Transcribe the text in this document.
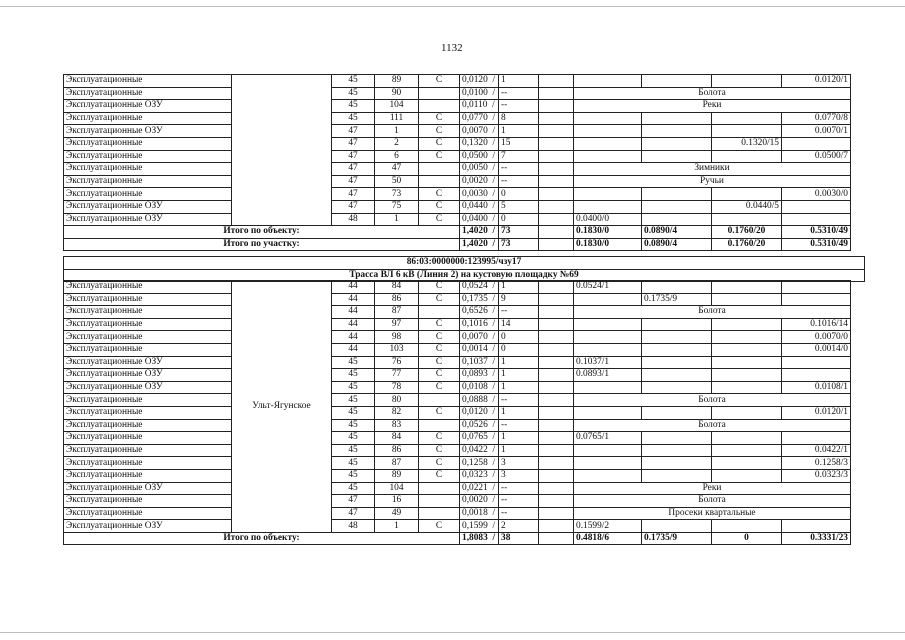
1132
Эксплуатационные		45	89	С	0,0120  /	1					0.0120/1
Эксплуатационные		45	90		0,0100  /	--		Болота			
Эксплуатационные ОЗУ		45	104		0,0110  /	--		Реки			
Эксплуатационные		45	111	С	0,0770  /	8					0.0770/8
Эксплуатационные ОЗУ		47	1	С	0,0070  /	1					0.0070/1
Эксплуатационные		47	2	С	0,1320  /	15				0.1320/15	
Эксплуатационные		47	6	С	0,0500  /	7					0.0500/7
Эксплуатационные		47	47		0,0050  /	--		Зимники			
Эксплуатационные		47	50		0,0020  /	--		Ручьи			
Эксплуатационные		47	73	С	0,0030  /	0					0.0030/0
Эксплуатационные ОЗУ		47	75	С	0,0440  /	5				0.0440/5	
Эксплуатационные ОЗУ		48	1	С	0,0400  /	0		0.0400/0			
Итого по объекту:					1,4020  /	73		0.1830/0	0.0890/4	0.1760/20	0.5310/49
Итого по участку:					1,4020  /	73		0.1830/0	0.0890/4	0.1760/20	0.5310/49
86:03:0000000:123995/чзу17
Трасса ВЛ 6 кВ (Линия 2) на кустовую площадку №69
Эксплуатационные	Ульт-Ягунское	44	84	С	0,0524  /	1		0.0524/1			
Эксплуатационные		44	86	С	0,1735  /	9			0.1735/9		
Эксплуатационные		44	87		0,6526  /	--		Болота			
Эксплуатационные		44	97	С	0,1016  /	14					0.1016/14
Эксплуатационные		44	98	С	0,0070  /	0					0.0070/0
Эксплуатационные		44	103	С	0,0014  /	0					0.0014/0
Эксплуатационные ОЗУ		45	76	С	0,1037  /	1		0.1037/1			
Эксплуатационные ОЗУ		45	77	С	0,0893  /	1		0.0893/1			
Эксплуатационные ОЗУ		45	78	С	0,0108  /	1					0.0108/1
Эксплуатационные		45	80		0,0888  /	--		Болота			
Эксплуатационные		45	82	С	0,0120  /	1					0.0120/1
Эксплуатационные		45	83		0,0526  /	--		Болота			
Эксплуатационные		45	84	С	0,0765  /	1		0.0765/1			
Эксплуатационные		45	86	С	0,0422  /	1					0.0422/1
Эксплуатационные		45	87	С	0,1258  /	3					0.1258/3
Эксплуатационные		45	89	С	0,0323  /	3					0.0323/3
Эксплуатационные ОЗУ		45	104		0,0221  /	--		Реки			
Эксплуатационные		47	16		0,0020  /	--		Болота			
Эксплуатационные		47	49		0,0018  /	--		Просеки квартальные			
Эксплуатационные ОЗУ		48	1	С	0,1599  /	2		0.1599/2			
Итого по объекту:					1,8083  /	38		0.4818/6	0.1735/9	0	0.3331/23
